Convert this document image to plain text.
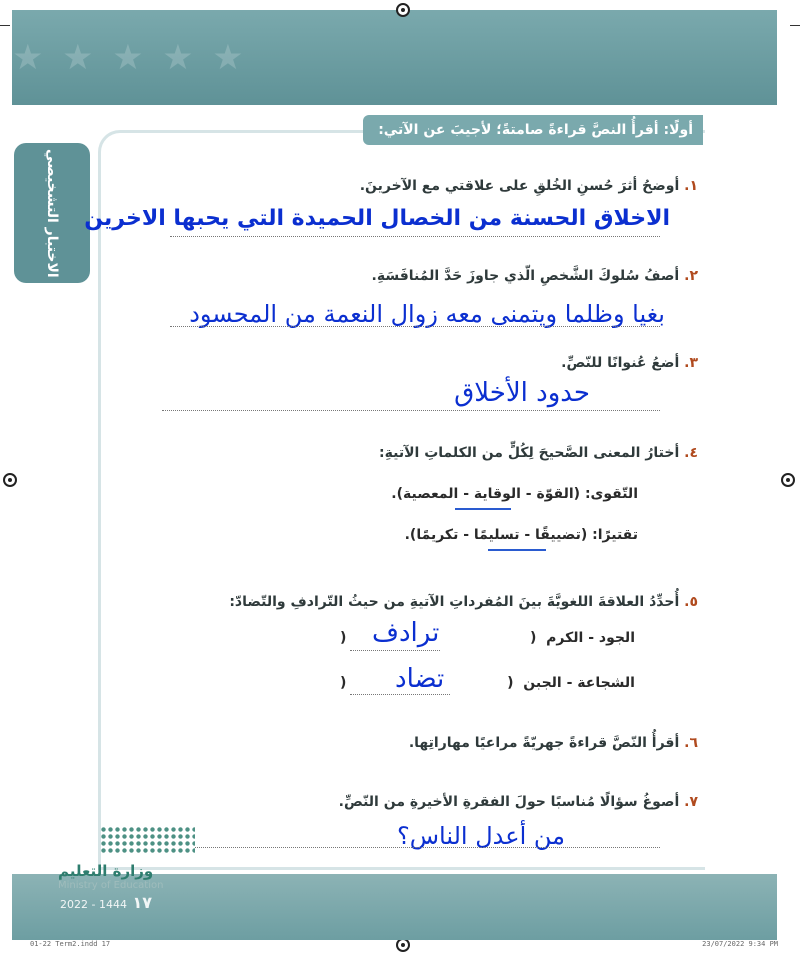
٭ ٭ ٭ ٭ ٭
الاختبار التشخيصي
أولًا: أقرأُ النصَّ قراءةً صامتةً؛ لأجيبَ عن الآتي:
١. أوضحُ أثرَ حُسنِ الخُلقِ على علاقتي مع الآخرينَ.
الاخلاق الحسنة من الخصال الحميدة التي يحبها الاخرين
٢. أصفُ سُلوكَ الشَّخصِ الّذي جاوزَ حَدَّ المُنافَسَةِ.
بغيا وظلما ويتمنى معه زوال النعمة من المحسود
٣. أضعُ عُنوانًا للنّصِّ.
حدود الأخلاق
٤. أختارُ المعنى الصَّحيحَ لِكُلٍّ من الكلماتِ الآتيةِ:
التّقوى: (القوّة - الوقاية - المعصية).
تقتيرًا: (تضييقًا - تسليمًا - تكريمًا).
٥. أُحدِّدُ العلاقةَ اللغويَّةَ بينَ المُفرداتِ الآتيةِ من حيثُ التّرادفِ والتّضادّ:
الجود - الكرم  (
) ترادف
الشجاعة - الجبن  (
) تضاد
٦. أقرأُ النّصَّ قراءةً جهريّةً مراعيًا مهاراتِها.
٧. أصوغُ سؤالًا مُناسبًا حولَ الفقرةِ الأخيرةِ من النّصِّ.
من أعدل الناس؟
وزارة التعليم
Ministry of Education
2022 - 1444 ١٧
01-22 Term2.indd 17	23/07/2022 9:34 PM
